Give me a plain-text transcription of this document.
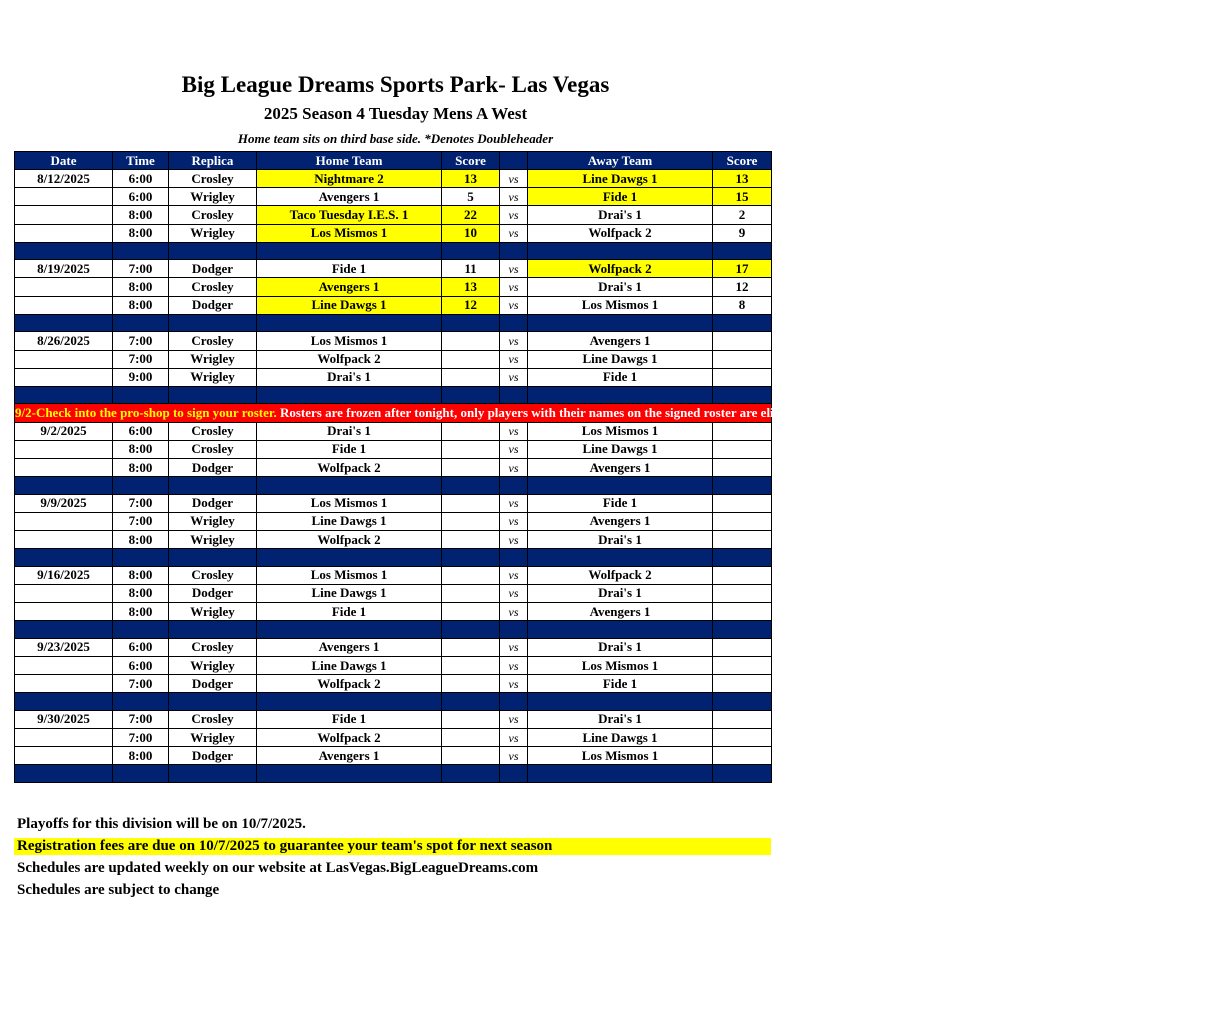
Big League Dreams Sports Park- Las Vegas
2025 Season 4 Tuesday Mens A West
Home team sits on third base side. *Denotes Doubleheader
Date	Time	Replica	Home Team	Score		Away Team	Score
8/12/2025	6:00	Crosley	Nightmare 2	13	vs	Line Dawgs 1	13
	6:00	Wrigley	Avengers 1	5	vs	Fide 1	15
	8:00	Crosley	Taco Tuesday I.E.S. 1	22	vs	Drai's 1	2
	8:00	Wrigley	Los Mismos 1	10	vs	Wolfpack 2	9

8/19/2025	7:00	Dodger	Fide 1	11	vs	Wolfpack 2	17
	8:00	Crosley	Avengers 1	13	vs	Drai's 1	12
	8:00	Dodger	Line Dawgs 1	12	vs	Los Mismos 1	8

8/26/2025	7:00	Crosley	Los Mismos 1		vs	Avengers 1	
	7:00	Wrigley	Wolfpack 2		vs	Line Dawgs 1	
	9:00	Wrigley	Drai's 1		vs	Fide 1	

9/2-Check into the pro-shop to sign your roster. Rosters are frozen after tonight, only players with their names on the signed roster are eligible for playoffs. Please check carefully as changes will not be made for omissions.							
9/2/2025	6:00	Crosley	Drai's 1		vs	Los Mismos 1	
	8:00	Crosley	Fide 1		vs	Line Dawgs 1	
	8:00	Dodger	Wolfpack 2		vs	Avengers 1	

9/9/2025	7:00	Dodger	Los Mismos 1		vs	Fide 1	
	7:00	Wrigley	Line Dawgs 1		vs	Avengers 1	
	8:00	Wrigley	Wolfpack 2		vs	Drai's 1	

9/16/2025	8:00	Crosley	Los Mismos 1		vs	Wolfpack 2	
	8:00	Dodger	Line Dawgs 1		vs	Drai's 1	
	8:00	Wrigley	Fide 1		vs	Avengers 1	

9/23/2025	6:00	Crosley	Avengers 1		vs	Drai's 1	
	6:00	Wrigley	Line Dawgs 1		vs	Los Mismos 1	
	7:00	Dodger	Wolfpack 2		vs	Fide 1	

9/30/2025	7:00	Crosley	Fide 1		vs	Drai's 1	
	7:00	Wrigley	Wolfpack 2		vs	Line Dawgs 1	
	8:00	Dodger	Avengers 1		vs	Los Mismos 1	

Playoffs for this division will be on 10/7/2025.
Registration fees are due on 10/7/2025 to guarantee your team's spot for next season
Schedules are updated weekly on our website at LasVegas.BigLeagueDreams.com
Schedules are subject to change
